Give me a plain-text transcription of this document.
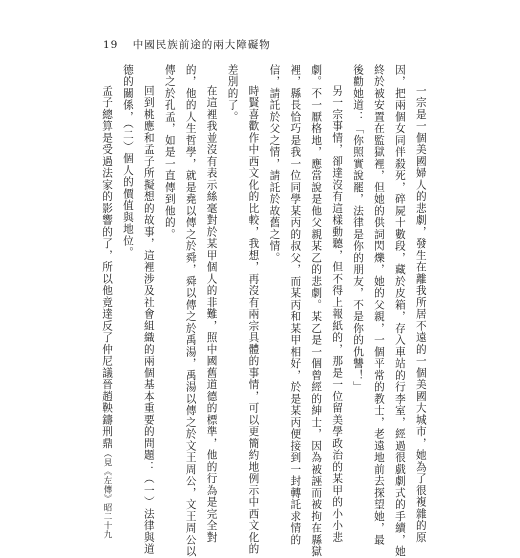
19 中國民族前途的兩大障礙物
一宗是一個美國婦人的悲劇，發生在離我所居不遠的一個美國大城市，她為了很複雜的原
因，把兩個女同伴殺死，碎屍十數段，藏於皮箱，存入車站的行李室，經過很戲劇式的手續，她
終於被安置在監獄裡，但她的供詞閃爍，她的父親，一個平常的教士，老遠地前去探望她，最
後勸她道：「你照實說罷，法律是你的朋友，不是你的仇讐！」
另一宗事情，卻達沒有這樣動聽，但不得上報紙的，那是一位留美學政治的某甲的小小悲
劇。不一厭格地，應當說是他父親某乙的悲劇。某乙是一個曾經的紳士，因為被誣而被拘在縣獄
裡，縣長恰巧是我一位同學某丙的叔父，而某丙和某甲相好，於是某丙便接到一封轉託求情的
信，請託於父之情，請託於故舊之情。
時賢喜歡作中西文化的比較，我想，再沒有兩宗具體的事情，可以更簡約地例示中西文化的
差別的了。
在這裡我並沒有表示絲毫對於某甲個人的非難，照中國舊道德的標準，他的行為是完全對
的，他的人生哲學，就是堯以傳之於舜，舜以傳之於禹湯，禹湯以傳之於文王周公，文王周公以
傳之於孔孟，如是一直傳到他的。
回到桃應和孟子所擬想的故事，這裡涉及社會組織的兩個基本重要的問題：（一）法律與道
德的關係，（二）個人的價值與地位。
孟子總算是受過法家的影響的了，所以他竟達反了仲尼議晉趙鞅鑄刑鼎（見《左傳》昭二十九
